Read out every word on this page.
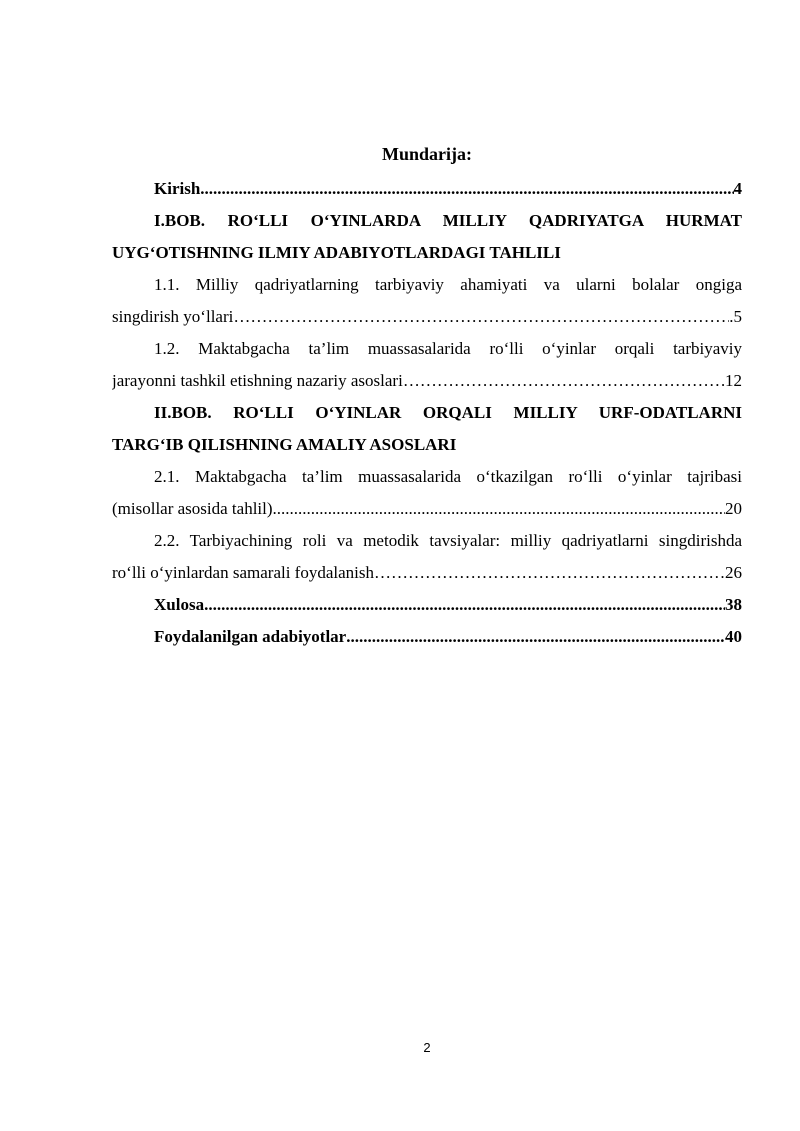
Mundarija:
Kirish .....	4
I.BOB. RO‘LLI O‘YINLARDA MILLIY QADRIYATGA HURMAT
UYG‘OTISHNING ILMIY ADABIYOTLARDAGI TAHLILI
1.1. Milliy qadriyatlarning tarbiyaviy ahamiyati va ularni bolalar ongiga
singdirish yo‘llari ……………………………………………………………………………………………………………………………………………………………………………………	.5
1.2. Maktabgacha ta’lim muassasalarida ro‘lli o‘yinlar orqali tarbiyaviy
jarayonni tashkil etishning nazariy asoslari ……………………………………………………………………………………………………………………………………………………………………………………	12
II.BOB. RO‘LLI O‘YINLAR ORQALI MILLIY URF-ODATLARNI
TARG‘IB QILISHNING AMALIY ASOSLARI
2.1. Maktabgacha ta’lim muassasalarida o‘tkazilgan ro‘lli o‘yinlar tajribasi
(misollar asosida tahlil) .....	20
2.2. Tarbiyachining roli va metodik tavsiyalar: milliy qadriyatlarni singdirishda
ro‘lli o‘yinlardan samarali foydalanish ……………………………………………………………………………………………………………………………………………………………………………………	26
Xulosa .....	38
Foydalanilgan adabiyotlar .....	40
2
